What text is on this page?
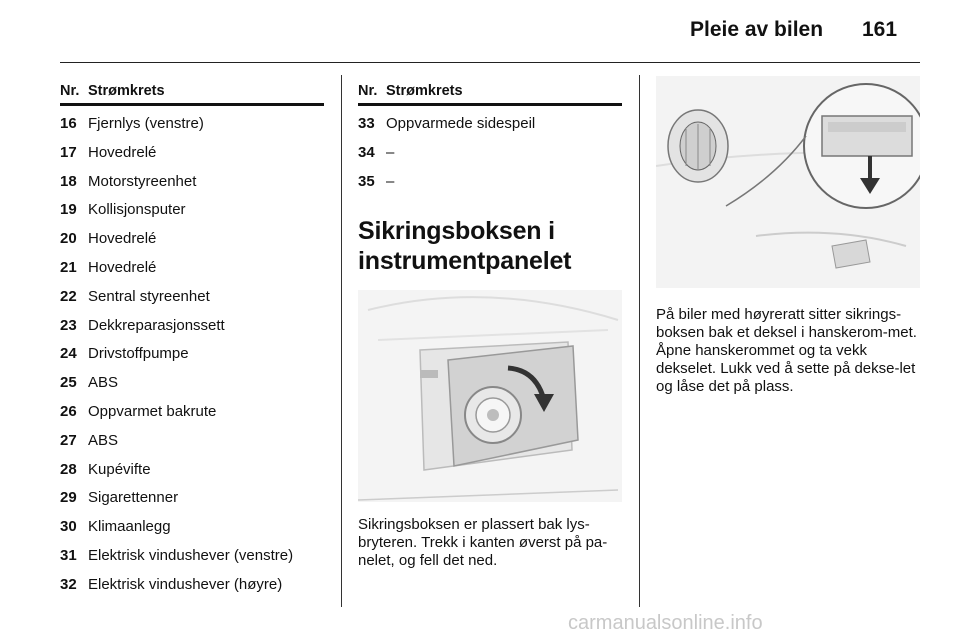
Pleie av bilen 161
Nr. Strømkrets
16 Fjernlys (venstre)
17 Hovedrelé
18 Motorstyreenhet
19 Kollisjonsputer
20 Hovedrelé
21 Hovedrelé
22 Sentral styreenhet
23 Dekkreparasjonssett
24 Drivstoffpumpe
25 ABS
26 Oppvarmet bakrute
27 ABS
28 Kupévifte
29 Sigarettenner
30 Klimaanlegg
31 Elektrisk vindushever (venstre)
32 Elektrisk vindushever (høyre)
Nr. Strømkrets
33 Oppvarmede sidespeil
34 –
35 –
Sikringsboksen i
instrumentpanelet
Sikringsboksen er plassert bak lys-bryteren. Trekk i kanten øverst på pa-nelet, og fell det ned.
På biler med høyreratt sitter sikrings-boksen bak et deksel i hanskerom-met. Åpne hanskerommet og ta vekk dekselet. Lukk ved å sette på dekse-let og låse det på plass.
carmanualsonline.info
